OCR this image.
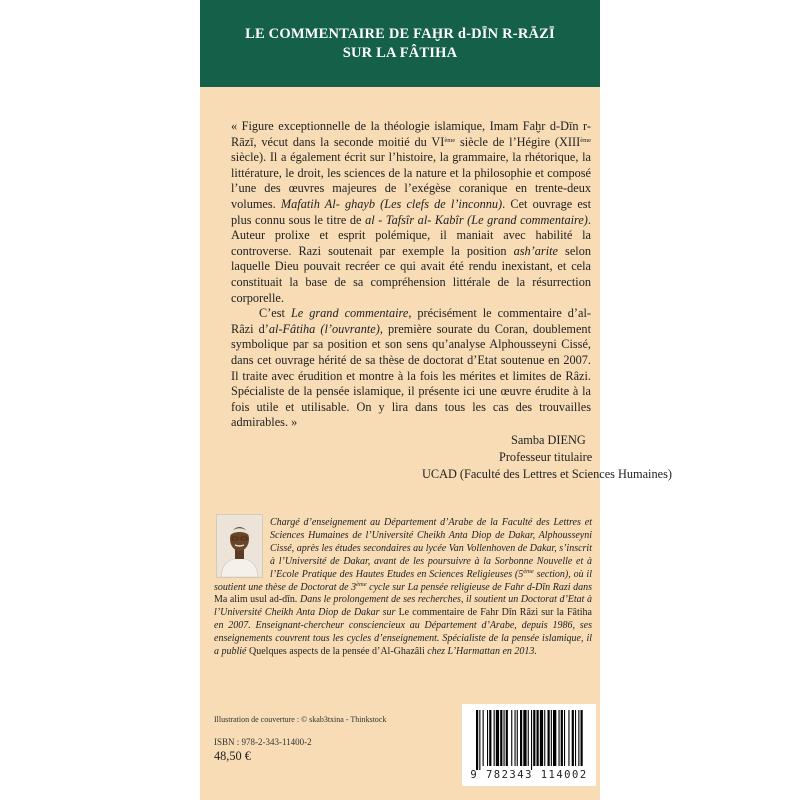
LE COMMENTAIRE DE FAḪR d-DĪN R-RĀZĪ
SUR LA FÂTIHA

« Figure exceptionnelle de la théologie islamique, Imam Faḫr d-Dīn r-Rāzī, vécut dans la seconde moitié du VIème siècle de l’Hégire (XIIIème siècle). Il a également écrit sur l’histoire, la grammaire, la rhétorique, la littérature, le droit, les sciences de la nature et la philosophie et composé l’une des œuvres majeures de l’exégèse coranique en trente-deux volumes. Mafatih Al- ghayb (Les clefs de l’inconnu). Cet ouvrage est plus connu sous le titre de al - Tafsîr al- Kabîr (Le grand commentaire). Auteur prolixe et esprit polémique, il maniait avec habilité la controverse. Razi soutenait par exemple la position ash’arite selon laquelle Dieu pouvait recréer ce qui avait été rendu inexistant, et cela constituait la base de sa compréhension littérale de la résurrection corporelle.

C’est Le grand commentaire, précisément le commentaire d’al-Râzi d’al-Fâtiha (l’ouvrante), première sourate du Coran, doublement symbolique par sa position et son sens qu’analyse Alphousseyni Cissé, dans cet ouvrage hérité de sa thèse de doctorat d’Etat soutenue en 2007. Il traite avec érudition et montre à la fois les mérites et limites de Râzi. Spécialiste de la pensée islamique, il présente ici une œuvre érudite à la fois utile et utilisable. On y lira dans tous les cas des trouvailles admirables. »

Samba DIENG
Professeur titulaire
UCAD (Faculté des Lettres et Sciences Humaines)
Chargé d’enseignement au Département d’Arabe de la Faculté des Lettres et Sciences Humaines de l’Université Cheikh Anta Diop de Dakar, Alphousseyni Cissé, après les études secondaires au lycée Van Vollenhoven de Dakar, s’inscrit à l’Université de Dakar, avant de les poursuivre à la Sorbonne Nouvelle et à l’Ecole Pratique des Hautes Etudes en Sciences Religieuses (5ème section), où il soutient une thèse de Doctorat de 3ème cycle sur La pensée religieuse de Fahr d-Dīn Razi dans Ma alim usul ad-dīn. Dans le prolongement de ses recherches, il soutient un Doctorat d’Etat à l’Université Cheikh Anta Diop de Dakar sur Le commentaire de Fahr Dīn Râzi sur la Fâtiha en 2007. Enseignant-chercheur consciencieux au Département d’Arabe, depuis 1986, ses enseignements couvrent tous les cycles d’enseignement. Spécialiste de la pensée islamique, il a publié Quelques aspects de la pensée d’Al-Ghazâli chez L’Harmattan en 2013.
Illustration de couverture : © skab3txina - Thinkstock
ISBN : 978-2-343-11400-2
48,50 €
9 782343 114002
